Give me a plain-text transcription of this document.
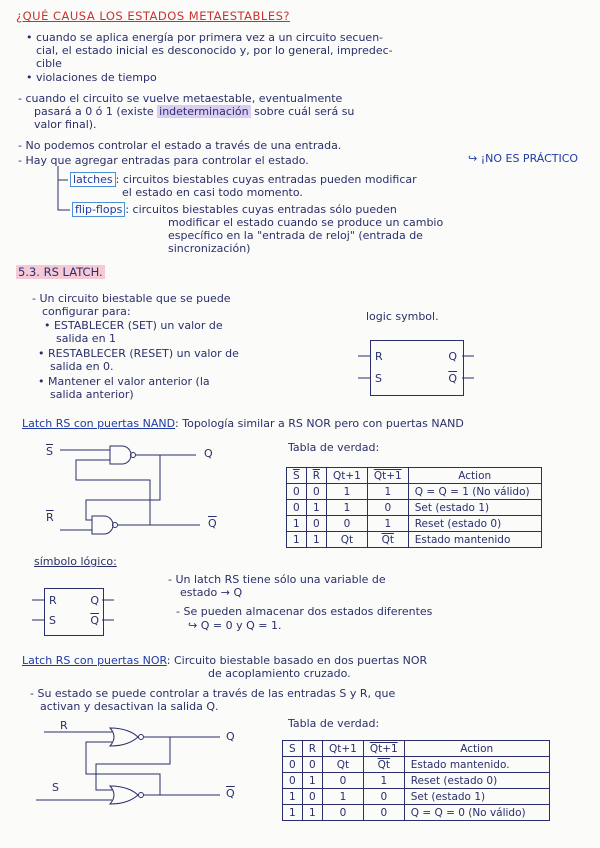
¿QUÉ CAUSA LOS ESTADOS METAESTABLES?
• cuando se aplica energía por primera vez a un circuito secuen-
cial, el estado inicial es desconocido y, por lo general, impredec-
cible
• violaciones de tiempo
- cuando el circuito se vuelve metaestable, eventualmente
pasará a 0 ó 1 (existe indeterminación sobre cuál será su
valor final).
- No podemos controlar el estado a través de una entrada.
- Hay que agregar entradas para controlar el estado.	↪ ¡NO ES PRÁCTICO
latches : circuitos biestables cuyas entradas pueden modificar
el estado en casi todo momento.
flip-flops : circuitos biestables cuyas entradas sólo pueden
modificar el estado cuando se produce un cambio
específico en la "entrada de reloj" (entrada de
sincronización)
5.3. RS LATCH.
- Un circuito biestable que se puede
configurar para:
• ESTABLECER (SET) un valor de
salida en 1
• RESTABLECER (RESET) un valor de
salida en 0.
• Mantener el valor anterior (la
salida anterior)
logic symbol.
R
S
Q
$\overline{Q}$
Latch RS con puertas NAND: Topología similar a RS NOR pero con puertas NAND
$\overline{S}$
$\overline{R}$
Q
$\overline{Q}$
Tabla de verdad:
$\overline{S}$	$\overline{R}$	Qt+1	Qt+1	Action
0	0	1	1	Q = Q = 1 (No válido)
0	1	1	0	Set (estado 1)
1	0	0	1	Reset (estado 0)
1	1	Qt	$\overline{Qt}$	Estado mantenido
símbolo lógico:
R
S
Q
$\overline{Q}$
- Un latch RS tiene sólo una variable de
estado → Q
- Se pueden almacenar dos estados diferentes
↪ Q = 0 y Q = 1.
Latch RS con puertas NOR: Circuito biestable basado en dos puertas NOR
de acoplamiento cruzado.
- Su estado se puede controlar a través de las entradas S y R, que
activan y desactivan la salida Q.
R
S
Q
$\overline{Q}$
Tabla de verdad:
S	R	Qt+1	Qt+1	Action
0	0	Qt	$\overline{Qt}$	Estado mantenido.
0	1	0	1	Reset (estado 0)
1	0	1	0	Set (estado 1)
1	1	0	0	Q = Q = 0 (No válido)
